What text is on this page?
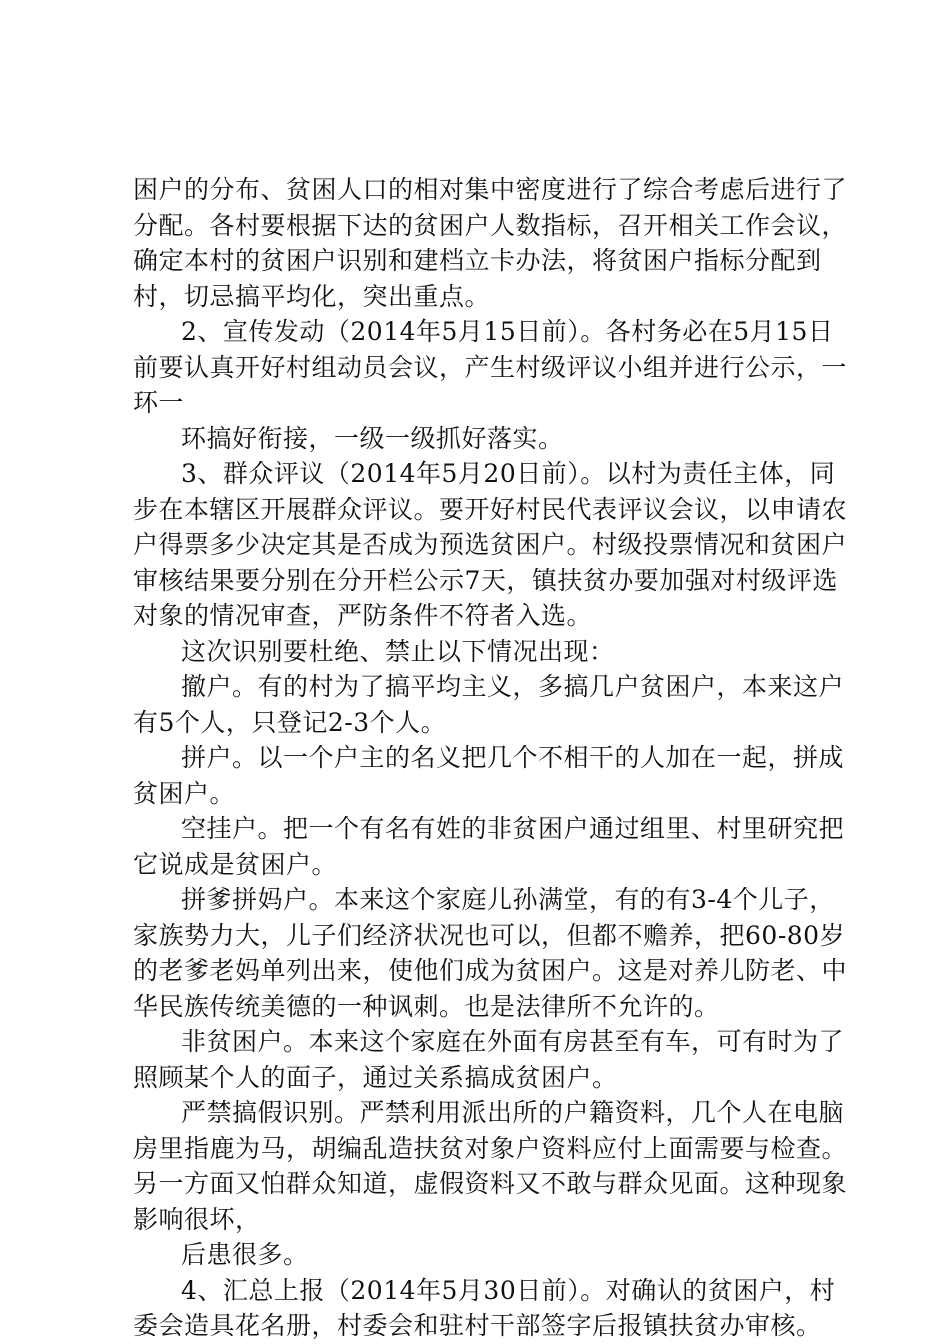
困户的分布、贫困人口的相对集中密度进行了综合考虑后进行了分配。各村要根据下达的贫困户人数指标，召开相关工作会议，确定本村的贫困户识别和建档立卡办法，将贫困户指标分配到村，切忌搞平均化，突出重点。

2、宣传发动（2014年5月15日前）。各村务必在5月15日前要认真开好村组动员会议，产生村级评议小组并进行公示，一环一

环搞好衔接，一级一级抓好落实。

3、群众评议（2014年5月20日前）。以村为责任主体，同步在本辖区开展群众评议。要开好村民代表评议会议，以申请农户得票多少决定其是否成为预选贫困户。村级投票情况和贫困户审核结果要分别在分开栏公示7天，镇扶贫办要加强对村级评选对象的情况审查，严防条件不符者入选。

这次识别要杜绝、禁止以下情况出现：

撤户。有的村为了搞平均主义，多搞几户贫困户，本来这户有5个人，只登记2-3个人。

拼户。以一个户主的名义把几个不相干的人加在一起，拼成贫困户。

空挂户。把一个有名有姓的非贫困户通过组里、村里研究把它说成是贫困户。

拼爹拼妈户。本来这个家庭儿孙满堂，有的有3-4个儿子，家族势力大，儿子们经济状况也可以，但都不赡养，把60-80岁的老爹老妈单列出来，使他们成为贫困户。这是对养儿防老、中华民族传统美德的一种讽刺。也是法律所不允许的。

非贫困户。本来这个家庭在外面有房甚至有车，可有时为了照顾某个人的面子，通过关系搞成贫困户。

严禁搞假识别。严禁利用派出所的户籍资料，几个人在电脑房里指鹿为马，胡编乱造扶贫对象户资料应付上面需要与检查。另一方面又怕群众知道，虚假资料又不敢与群众见面。这种现象影响很坏，

后患很多。

4、汇总上报（2014年5月30日前）。对确认的贫困户，村委会造具花名册，村委会和驻村干部签字后报镇扶贫办审核。
